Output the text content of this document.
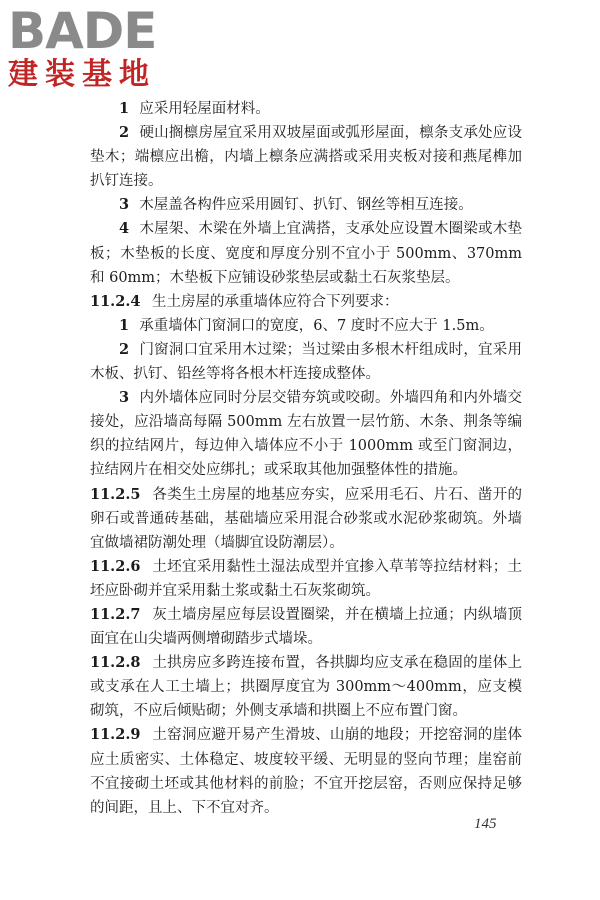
BADE
建装基地

1 应采用轻屋面材料。

2 硬山搁檩房屋宜采用双坡屋面或弧形屋面，檩条支承处应设垫木；端檩应出檐，内墙上檩条应满搭或采用夹板对接和燕尾榫加扒钉连接。

3 木屋盖各构件应采用圆钉、扒钉、钢丝等相互连接。

4 木屋架、木梁在外墙上宜满搭，支承处应设置木圈梁或木垫板；木垫板的长度、宽度和厚度分别不宜小于 500mm、370mm 和 60mm；木垫板下应铺设砂浆垫层或黏土石灰浆垫层。

11.2.4 生土房屋的承重墙体应符合下列要求：

1 承重墙体门窗洞口的宽度，6、7 度时不应大于 1.5m。

2 门窗洞口宜采用木过梁；当过梁由多根木杆组成时，宜采用木板、扒钉、铅丝等将各根木杆连接成整体。

3 内外墙体应同时分层交错夯筑或咬砌。外墙四角和内外墙交接处，应沿墙高每隔 500mm 左右放置一层竹筋、木条、荆条等编织的拉结网片，每边伸入墙体应不小于 1000mm 或至门窗洞边，拉结网片在相交处应绑扎；或采取其他加强整体性的措施。

11.2.5 各类生土房屋的地基应夯实，应采用毛石、片石、凿开的卵石或普通砖基础，基础墙应采用混合砂浆或水泥砂浆砌筑。外墙宜做墙裙防潮处理（墙脚宜设防潮层）。

11.2.6 土坯宜采用黏性土湿法成型并宜掺入草苇等拉结材料；土坯应卧砌并宜采用黏土浆或黏土石灰浆砌筑。

11.2.7 灰土墙房屋应每层设置圈梁，并在横墙上拉通；内纵墙顶面宜在山尖墙两侧增砌踏步式墙垛。

11.2.8 土拱房应多跨连接布置，各拱脚均应支承在稳固的崖体上或支承在人工土墙上；拱圈厚度宜为 300mm～400mm，应支模砌筑，不应后倾贴砌；外侧支承墙和拱圈上不应布置门窗。

11.2.9 土窑洞应避开易产生滑坡、山崩的地段；开挖窑洞的崖体应土质密实、土体稳定、坡度较平缓、无明显的竖向节理；崖窑前不宜接砌土坯或其他材料的前脸；不宜开挖层窑，否则应保持足够的间距，且上、下不宜对齐。

145
